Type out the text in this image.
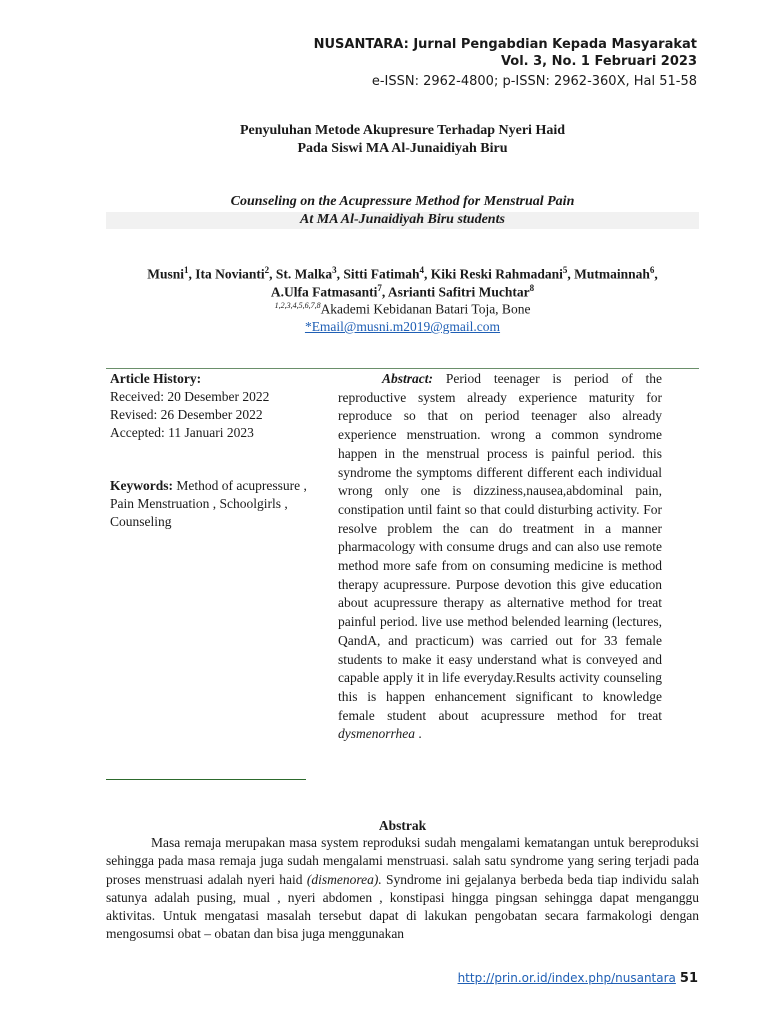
NUSANTARA: Jurnal Pengabdian Kepada Masyarakat
Vol. 3, No. 1 Februari 2023
e-ISSN: 2962-4800; p-ISSN: 2962-360X, Hal 51-58
Penyuluhan Metode Akupresure Terhadap Nyeri Haid
Pada Siswi MA Al-Junaidiyah Biru
Counseling on the Acupressure Method for Menstrual Pain
At MA Al-Junaidiyah Biru students
Musni$^1$, Ita Novianti$^2$, St. Malka$^3$, Sitti Fatimah$^4$, Kiki Reski Rahmadani$^5$, Mutmainnah$^6$,
A.Ulfa Fatmasanti$^7$, Asrianti Safitri Muchtar$^8$
$^{1,2,3,4,5,6,7,8}$Akademi Kebidanan Batari Toja, Bone
*Email@musni.m2019@gmail.com
Article History:
Received: 20 Desember 2022
Revised: 26 Desember 2022
Accepted: 11 Januari 2023
Keywords: Method of acupressure , Pain Menstruation , Schoolgirls , Counseling
Abstract: Period teenager is period of the reproductive system already experience maturity for reproduce so that on period teenager also already experience menstruation. wrong a common syndrome happen in the menstrual process is painful period. this syndrome the symptoms different different each individual wrong only one is dizziness,nausea,abdominal pain, constipation until faint so that could disturbing activity. For resolve problem the can do treatment in a manner pharmacology with consume drugs and can also use remote method more safe from on consuming medicine is method therapy acupressure. Purpose devotion this give education about acupressure therapy as alternative method for treat painful period. live use method belended learning (lectures, QandA, and practicum) was carried out for 33 female students to make it easy understand what is conveyed and capable apply it in life everyday.Results activity counseling this is happen enhancement significant to knowledge female student about acupressure method for treat dysmenorrhea .
Abstrak
Masa remaja merupakan masa system reproduksi sudah mengalami kematangan untuk bereproduksi sehingga pada masa remaja juga sudah mengalami menstruasi. salah satu syndrome yang sering terjadi pada proses menstruasi adalah nyeri haid (dismenorea). Syndrome ini gejalanya berbeda beda tiap individu salah satunya adalah pusing, mual , nyeri abdomen , konstipasi hingga pingsan sehingga dapat menganggu aktivitas. Untuk mengatasi masalah tersebut dapat di lakukan pengobatan secara farmakologi dengan mengosumsi obat – obatan dan bisa juga menggunakan
http://prin.or.id/index.php/nusantara 51
